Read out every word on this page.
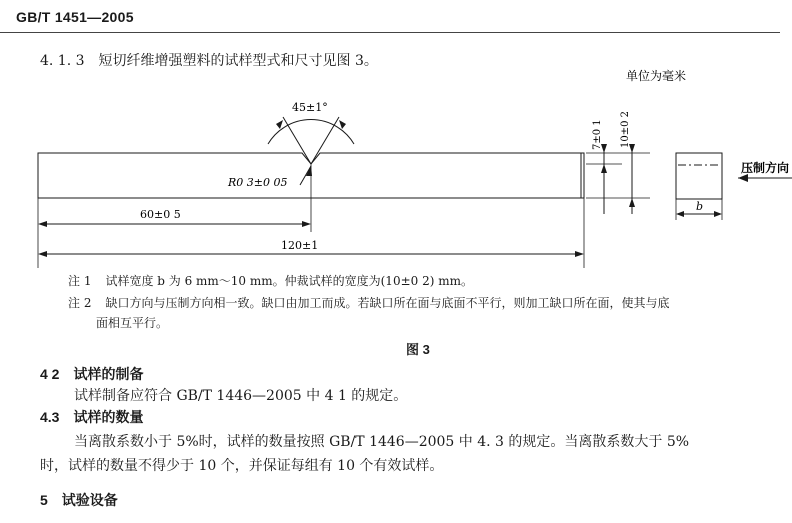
GB/T 1451—2005
4. 1. 3 短切纤维增强塑料的试样型式和尺寸见图 3。
单位为毫米
45±1°
R0 3±0 05
60±0 5
120±1
7±0 1 10±0 2
b
压制方向
注 1 试样宽度 b 为 6 mm～10 mm。仲裁试样的宽度为(10±0 2) mm。
注 2 缺口方向与压制方向相一致。缺口由加工而成。若缺口所在面与底面不平行，则加工缺口所在面，使其与底
面相互平行。
图 3
4 2 试样的制备
试样制备应符合 GB/T 1446—2005 中 4 1 的规定。
4.3 试样的数量
当离散系数小于 5%时，试样的数量按照 GB/T 1446—2005 中 4. 3 的规定。当离散系数大于 5%
时，试样的数量不得少于 10 个，并保证每组有 10 个有效试样。
5 试验设备
